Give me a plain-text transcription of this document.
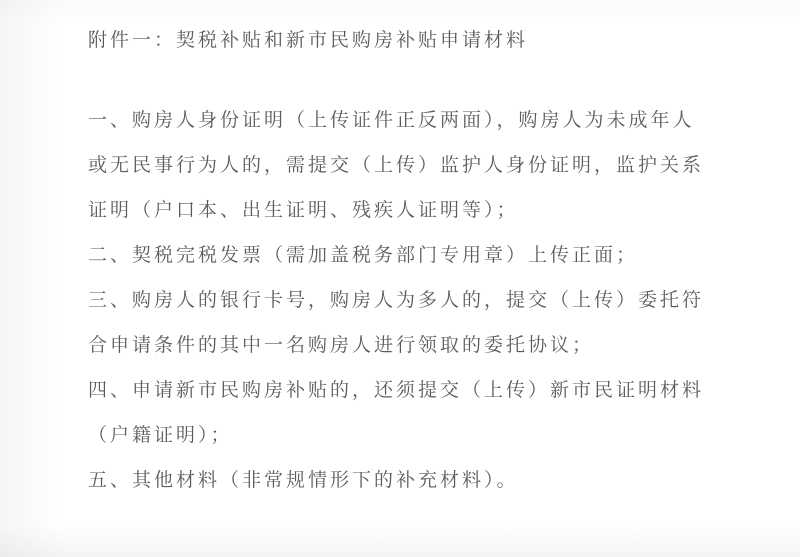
附件一：契税补贴和新市民购房补贴申请材料
一、购房人身份证明（上传证件正反两面），购房人为未成年人
或无民事行为人的，需提交（上传）监护人身份证明，监护关系
证明（户口本、出生证明、残疾人证明等）；
二、契税完税发票（需加盖税务部门专用章）上传正面；
三、购房人的银行卡号，购房人为多人的，提交（上传）委托符
合申请条件的其中一名购房人进行领取的委托协议；
四、申请新市民购房补贴的，还须提交（上传）新市民证明材料
（户籍证明）；
五、其他材料（非常规情形下的补充材料）。
